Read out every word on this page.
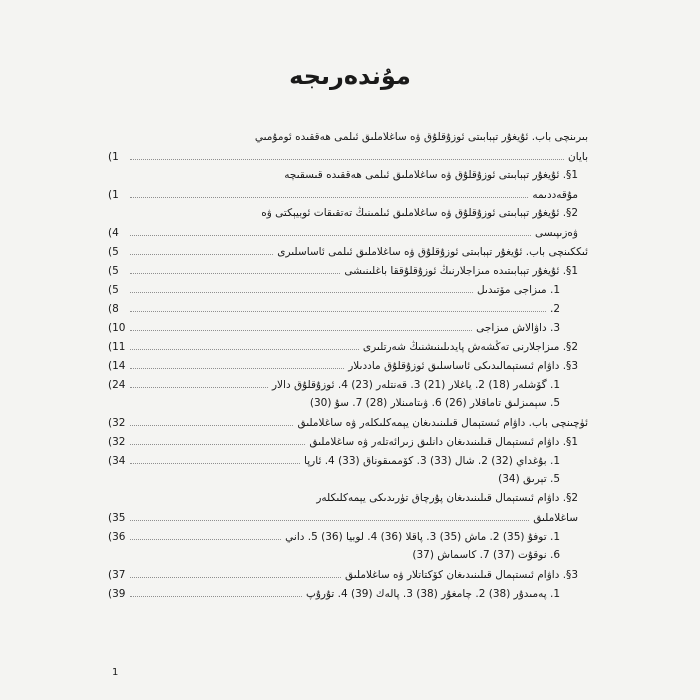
مۇندەرىجە
بىرىنچى باب. ئۇيغۇر تېبابىتى ئوزۇقلۇق ۋە ساغلاملىق ئىلمى ھەققىدە ئومۇمىي
بايان
(1
1§. ئۇيغۇر تېبابىتى ئوزۇقلۇق ۋە ساغلاملىق ئىلمى ھەققىدە قىسقىچە
مۇقەددىمە
(1
2§. ئۇيغۇر تېبابىتى ئوزۇقلۇق ۋە ساغلاملىق ئىلمىنىڭ تەتقىقات ئوبيېكتى ۋە
ۋەزىپىسى
(4
ئىككىنچى باب. ئۇيغۇر تېبابىتى ئوزۇقلۇق ۋە ساغلاملىق ئىلمى ئاساسلىرى
(5
1§. ئۇيغۇر تېبابىتىدە مىزاجلارنىڭ ئوزۇقلۇققا باغلىنىشى
(5
1. مىزاجى مۆتىدىل
(5
2.
(8
3. داۋالاش مىزاجى
(10
2§. مىزاجلارنى تەڭشەش پايدىلىنىشنىڭ شەرتلىرى
(11
3§. داۋام ئىستېمالىدىكى ئاساسلىق ئوزۇقلۇق ماددىلار
(14
1. گۆشلەر (18) 2. ياغلار (21) 3. قەنتلەر (23) 4. ئوزۇقلۇق دالار
(24
5. سېمىزلىق تاماقلار (26) 6. ۋىتامىنلار (28) 7. سۇ (30)
ئۈچىنچى باب. داۋام ئىستېمال قىلىنىدىغان يېمەكلىكلەر ۋە ساغلاملىق
(32
1§. داۋام ئىستېمال قىلىنىدىغان دانلىق زىرائەتلەر ۋە ساغلاملىق
(32
1. بۇغداي (32) 2. شال (33) 3. كۆممىقوناق (33) 4. ئارپا
(34
5. تېرىق (34)
2§. داۋام ئىستېمال قىلىنىدىغان پۇرچاق تۈرىدىكى يېمەكلىكلەر
ساغلاملىق
(35
1. توفۇ (35) 2. ماش (35) 3. پاقلا (36) 4. لوبيا (36) 5. داني
(36
6. نوقۇت (37) 7. كاسماش (37)
3§. داۋام ئىستېمال قىلىنىدىغان كۆكتاتلار ۋە ساغلاملىق
(37
1. پەمىدۇر (38) 2. چامغۇر (38) 3. پالەك (39) 4. تۇرۇپ
(39
1
